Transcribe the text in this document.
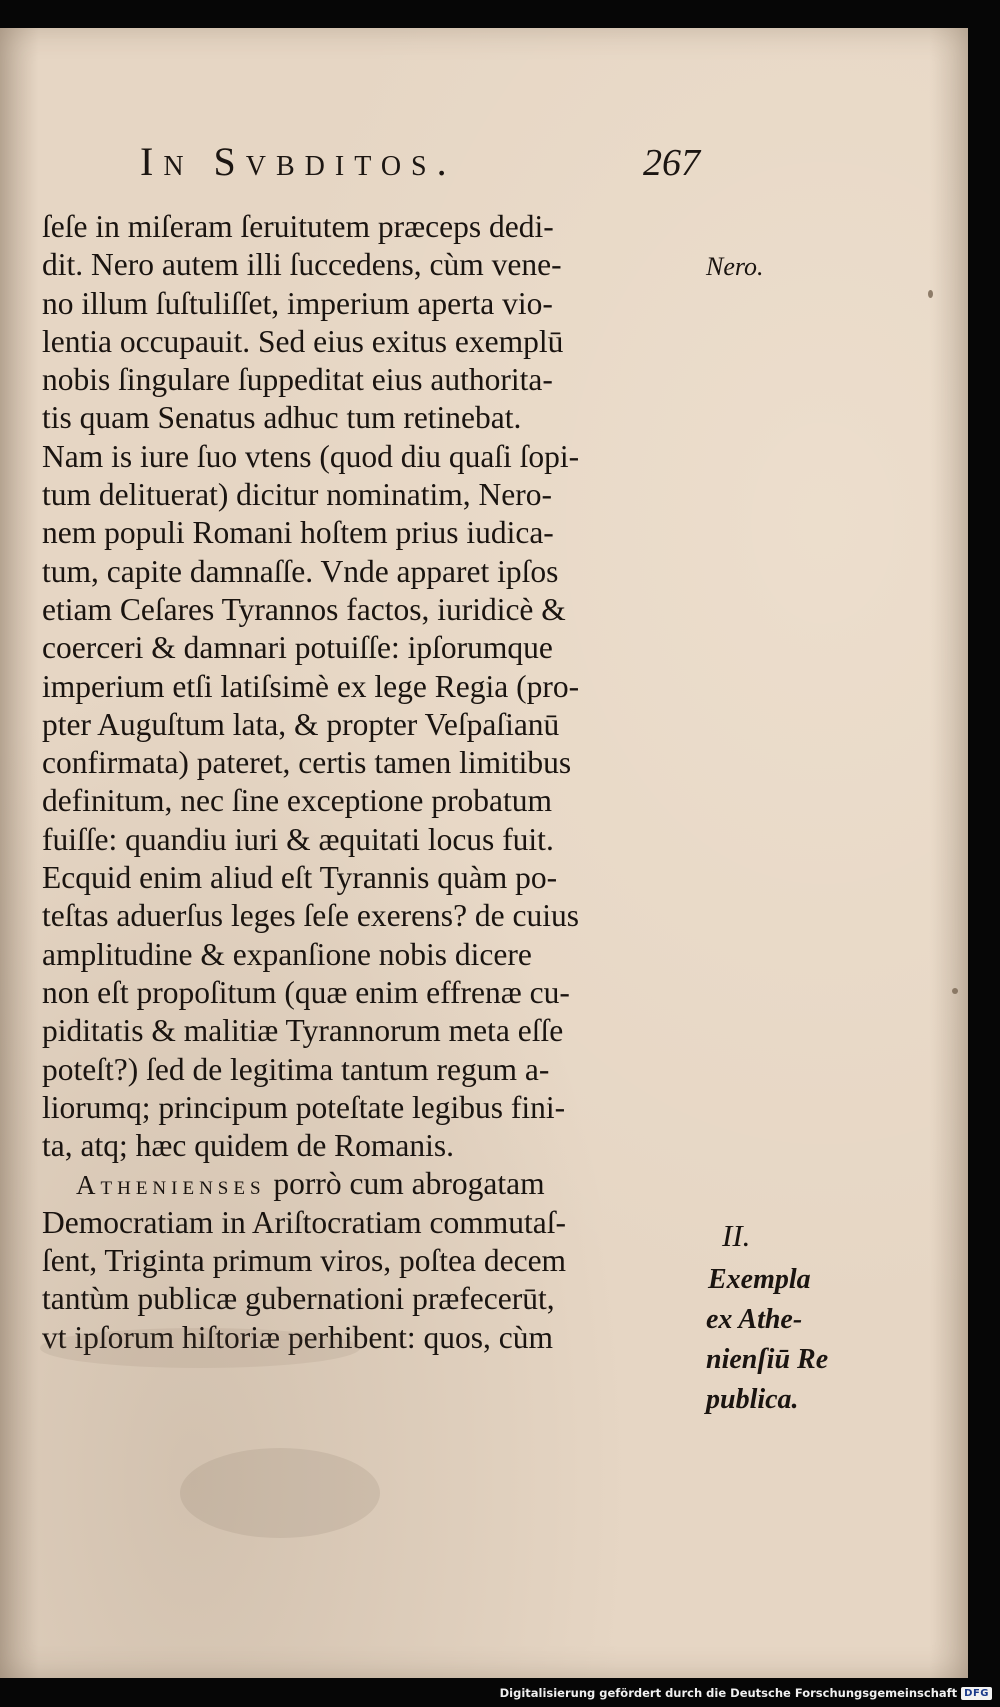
In Svbditos.	267
ſeſe in miſeram ſeruitutem præceps dedi-
dit. Nero autem illi ſuccedens, cùm vene-
no illum ſuſtuliſſet, imperium aperta vio-
lentia occupauit. Sed eius exitus exemplū
nobis ſingulare ſuppeditat eius authorita-
tis quam Senatus adhuc tum retinebat.
Nam is iure ſuo vtens (quod diu quaſi ſopi-
tum delituerat) dicitur nominatim, Nero-
nem populi Romani hoſtem prius iudica-
tum, capite damnaſſe. Vnde apparet ipſos
etiam Ceſares Tyrannos factos, iuridicè &
coerceri & damnari potuiſſe: ipſorumque
imperium etſi latiſsimè ex lege Regia (pro-
pter Auguſtum lata, & propter Veſpaſianū
confirmata) pateret, certis tamen limitibus
definitum, nec ſine exceptione probatum
fuiſſe: quandiu iuri & æquitati locus fuit.
Ecquid enim aliud eſt Tyrannis quàm po-
teſtas aduerſus leges ſeſe exerens? de cuius
amplitudine & expanſione nobis dicere
non eſt propoſitum (quæ enim effrenæ cu-
piditatis & malitiæ Tyrannorum meta eſſe
poteſt?) ſed de legitima tantum regum a-
liorumq; principum poteſtate legibus fini-
ta, atq; hæc quidem de Romanis.
Athenienses porrò cum abrogatam
Democratiam in Ariſtocratiam commutaſ-
ſent, Triginta primum viros, poſtea decem
tantùm publicæ gubernationi præfecerūt,
vt ipſorum hiſtoriæ perhibent: quos, cùm
Nero.
II.
Exempla
ex Athe-
nienſiū Re
publica.
Digitalisierung gefördert durch die Deutsche Forschungsgemeinschaft DFG
